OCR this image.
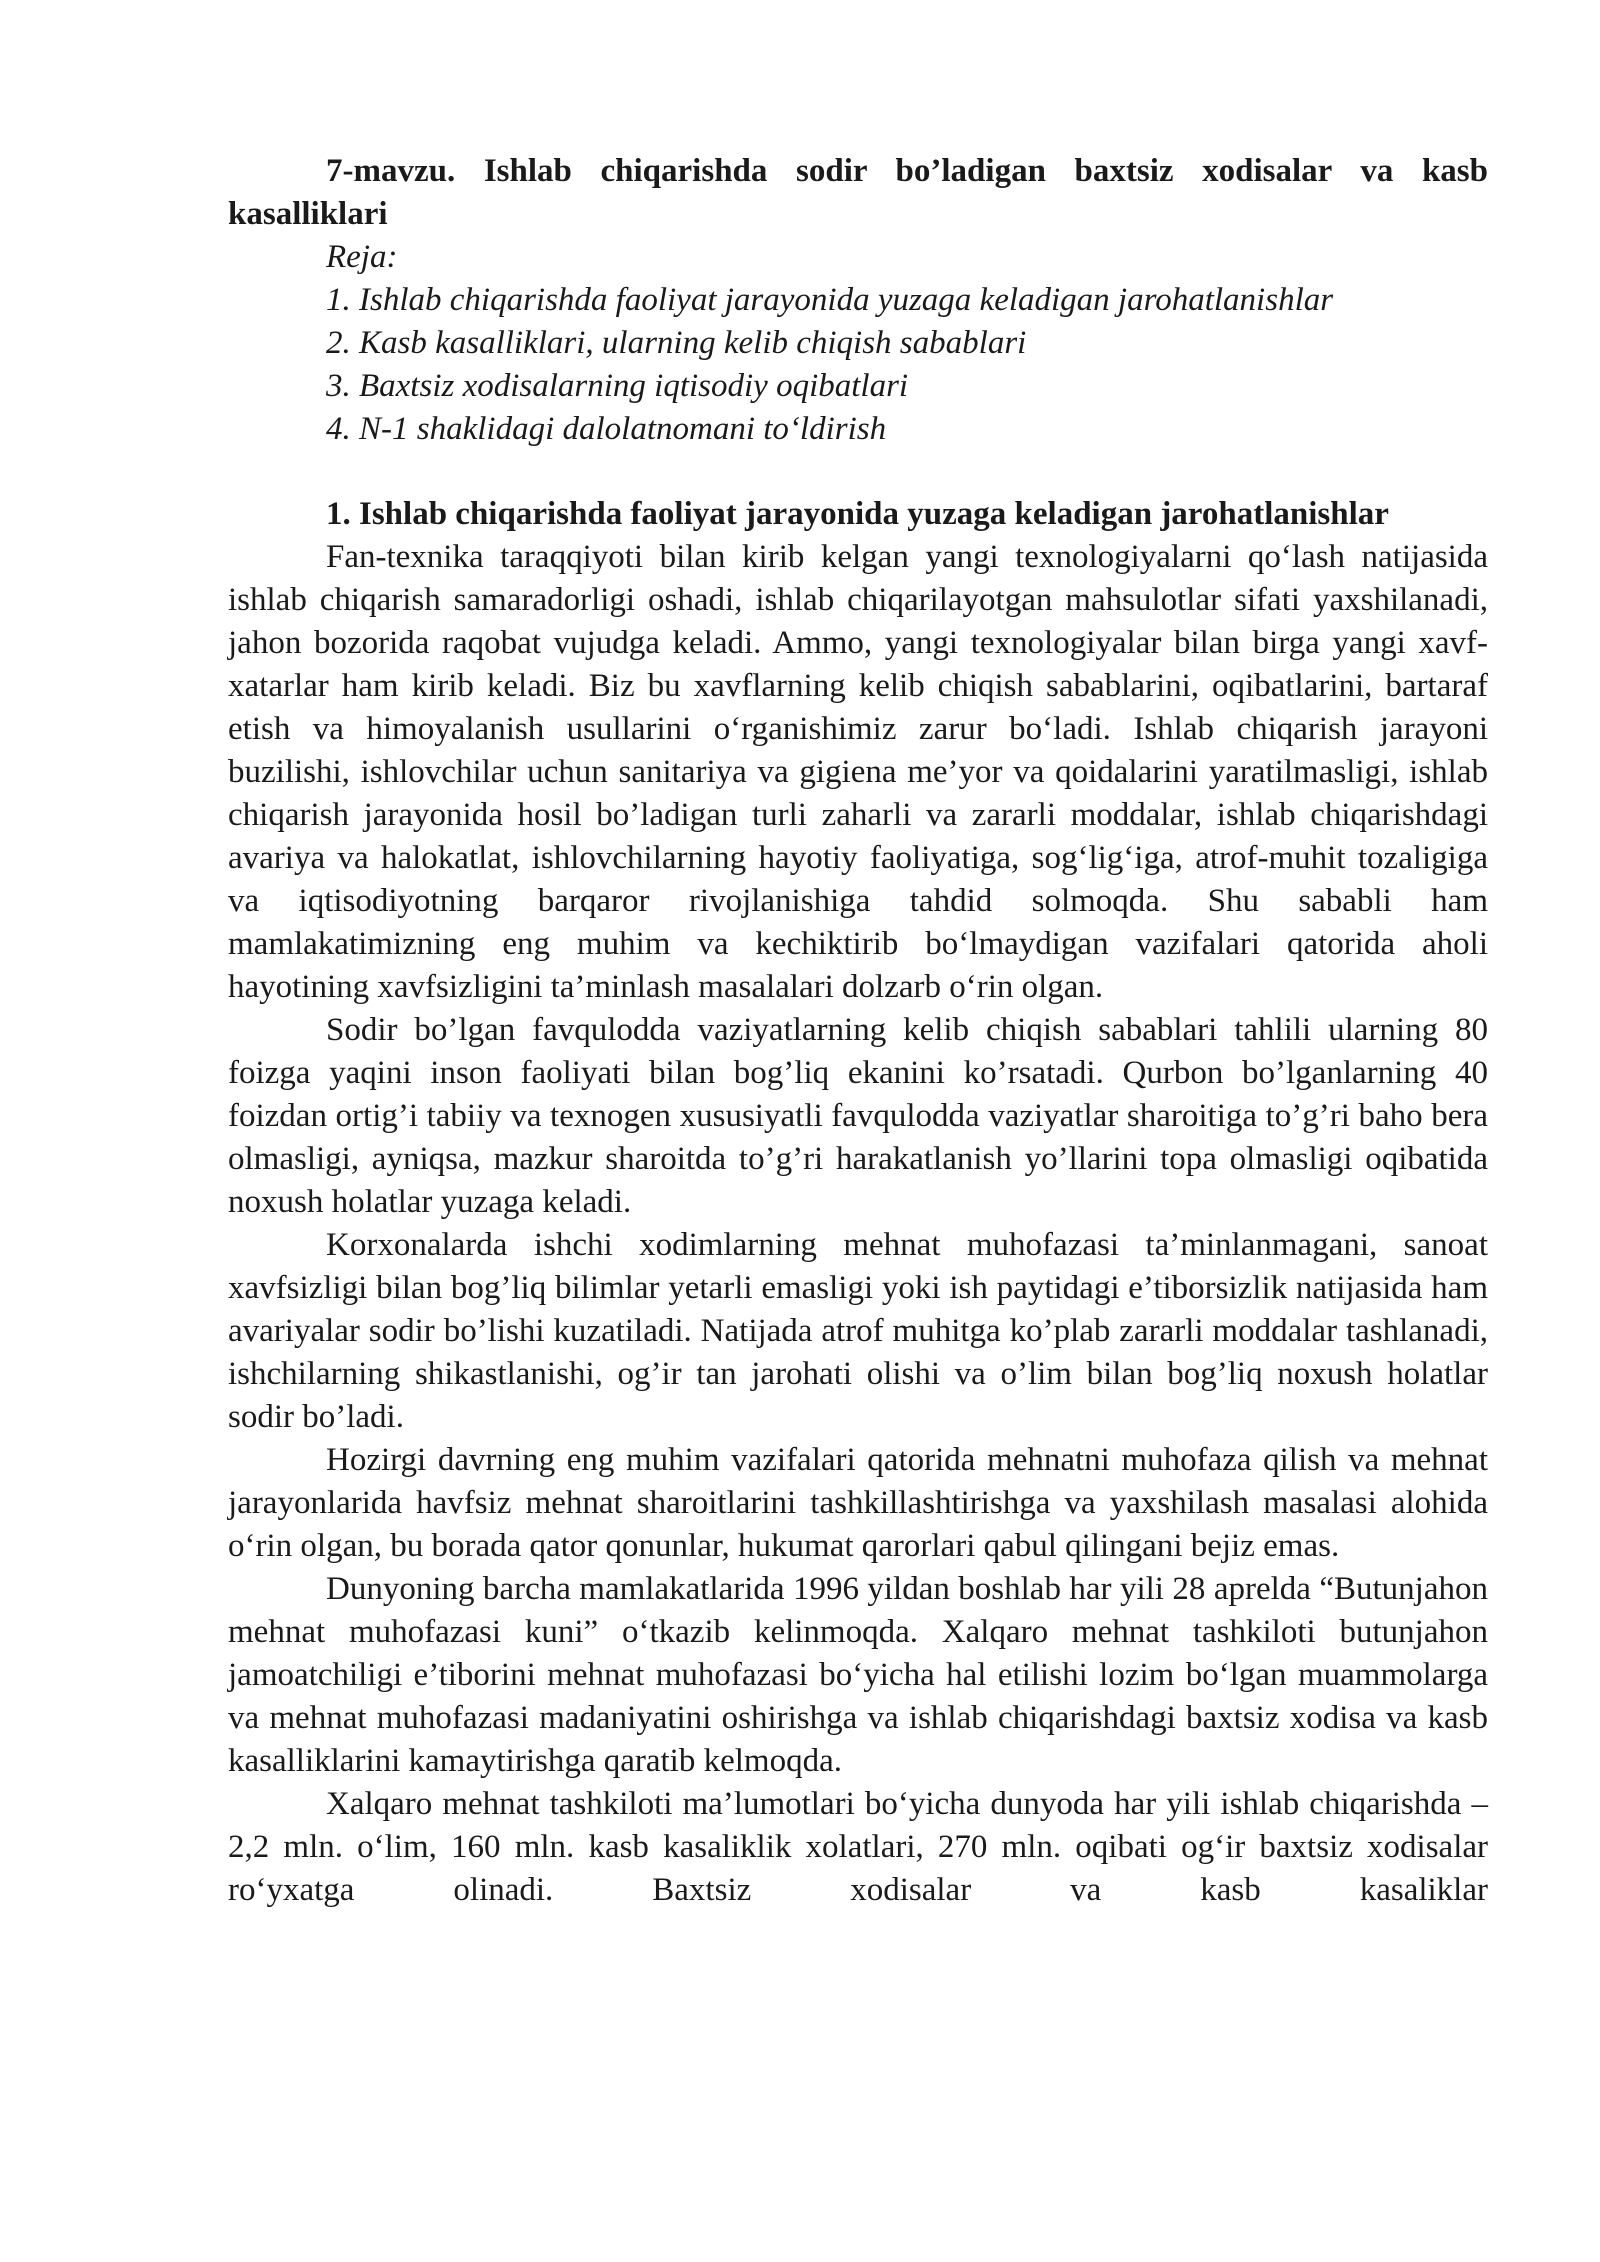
7-mavzu. Ishlab chiqarishda sodir bo’ladigan baxtsiz xodisalar va kasb kasalliklari

Reja:
1. Ishlab chiqarishda faoliyat jarayonida yuzaga keladigan jarohatlanishlar
2. Kasb kasalliklari, ularning kelib chiqish sabablari
3. Baxtsiz xodisalarning iqtisodiy oqibatlari
4. N-1 shaklidagi dalolatnomani to‘ldirish

1. Ishlab chiqarishda faoliyat jarayonida yuzaga keladigan jarohatlanishlar

Fan-texnika taraqqiyoti bilan kirib kelgan yangi texnologiyalarni qo‘lash natijasida ishlab chiqarish samaradorligi oshadi, ishlab chiqarilayotgan mahsulotlar sifati yaxshilanadi, jahon bozorida raqobat vujudga keladi. Ammo, yangi texnologiyalar bilan birga yangi xavf-xatarlar ham kirib keladi. Biz bu xavflarning kelib chiqish sabablarini, oqibatlarini, bartaraf etish va himoyalanish usullarini o‘rganishimiz zarur bo‘ladi. Ishlab chiqarish jarayoni buzilishi, ishlovchilar uchun sanitariya va gigiena me’yor va qoidalarini yaratilmasligi, ishlab chiqarish jarayonida hosil bo’ladigan turli zaharli va zararli moddalar, ishlab chiqarishdagi avariya va halokatlat, ishlovchilarning hayotiy faoliyatiga, sog‘lig‘iga, atrof-muhit tozaligiga va iqtisodiyotning barqaror rivojlanishiga tahdid solmoqda. Shu sababli ham mamlakatimizning eng muhim va kechiktirib bo‘lmaydigan vazifalari qatorida aholi hayotining xavfsizligini ta’minlash masalalari dolzarb o‘rin olgan.

Sodir bo’lgan favqulodda vaziyatlarning kelib chiqish sabablari tahlili ularning 80 foizga yaqini inson faoliyati bilan bog’liq ekanini ko’rsatadi. Qurbon bo’lganlarning 40 foizdan ortig’i tabiiy va texnogen xususiyatli favqulodda vaziyatlar sharoitiga to’g’ri baho bera olmasligi, ayniqsa, mazkur sharoitda to’g’ri harakatlanish yo’llarini topa olmasligi oqibatida noxush holatlar yuzaga keladi.

Korxonalarda ishchi xodimlarning mehnat muhofazasi ta’minlanmagani, sanoat xavfsizligi bilan bog’liq bilimlar yetarli emasligi yoki ish paytidagi e’tiborsizlik natijasida ham avariyalar sodir bo’lishi kuzatiladi. Natijada atrof muhitga ko’plab zararli moddalar tashlanadi, ishchilarning shikastlanishi, og’ir tan jarohati olishi va o’lim bilan bog’liq noxush holatlar sodir bo’ladi.

Hozirgi davrning eng muhim vazifalari qatorida mehnatni muhofaza qilish va mehnat jarayonlarida havfsiz mehnat sharoitlarini tashkillashtirishga va yaxshilash masalasi alohida o‘rin olgan, bu borada qator qonunlar, hukumat qarorlari qabul qilingani bejiz emas.

Dunyoning barcha mamlakatlarida 1996 yildan boshlab har yili 28 aprelda “Butunjahon mehnat muhofazasi kuni” o‘tkazib kelinmoqda. Xalqaro mehnat tashkiloti butunjahon jamoatchiligi e’tiborini mehnat muhofazasi bo‘yicha hal etilishi lozim bo‘lgan muammolarga va mehnat muhofazasi madaniyatini oshirishga va ishlab chiqarishdagi baxtsiz xodisa va kasb kasalliklarini kamaytirishga qaratib kelmoqda.

Xalqaro mehnat tashkiloti ma’lumotlari bo‘yicha dunyoda har yili ishlab chiqarishda – 2,2 mln. o‘lim, 160 mln. kasb kasaliklik xolatlari, 270 mln. oqibati og‘ir baxtsiz xodisalar ro‘yxatga olinadi. Baxtsiz xodisalar va kasb kasaliklar
